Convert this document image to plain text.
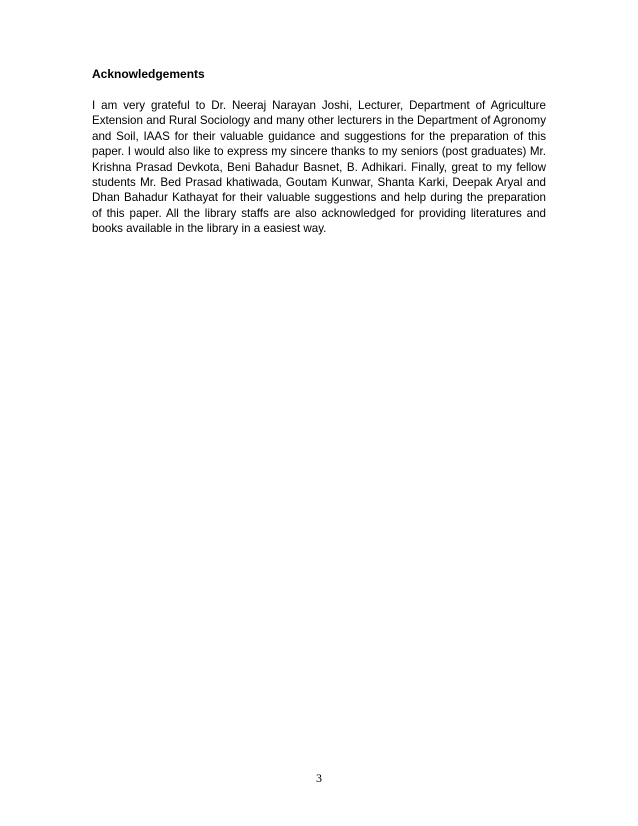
Acknowledgements

I am very grateful to Dr. Neeraj Narayan Joshi, Lecturer, Department of Agriculture Extension and Rural Sociology and many other lecturers in the Department of Agronomy and Soil, IAAS for their valuable guidance and suggestions for the preparation of this paper. I would also like to express my sincere thanks to my seniors (post graduates) Mr. Krishna Prasad Devkota, Beni Bahadur Basnet, B. Adhikari. Finally, great to my fellow students Mr. Bed Prasad khatiwada, Goutam Kunwar, Shanta Karki, Deepak Aryal and Dhan Bahadur Kathayat for their valuable suggestions and help during the preparation of this paper. All the library staffs are also acknowledged for providing literatures and books available in the library in a easiest way.

3
